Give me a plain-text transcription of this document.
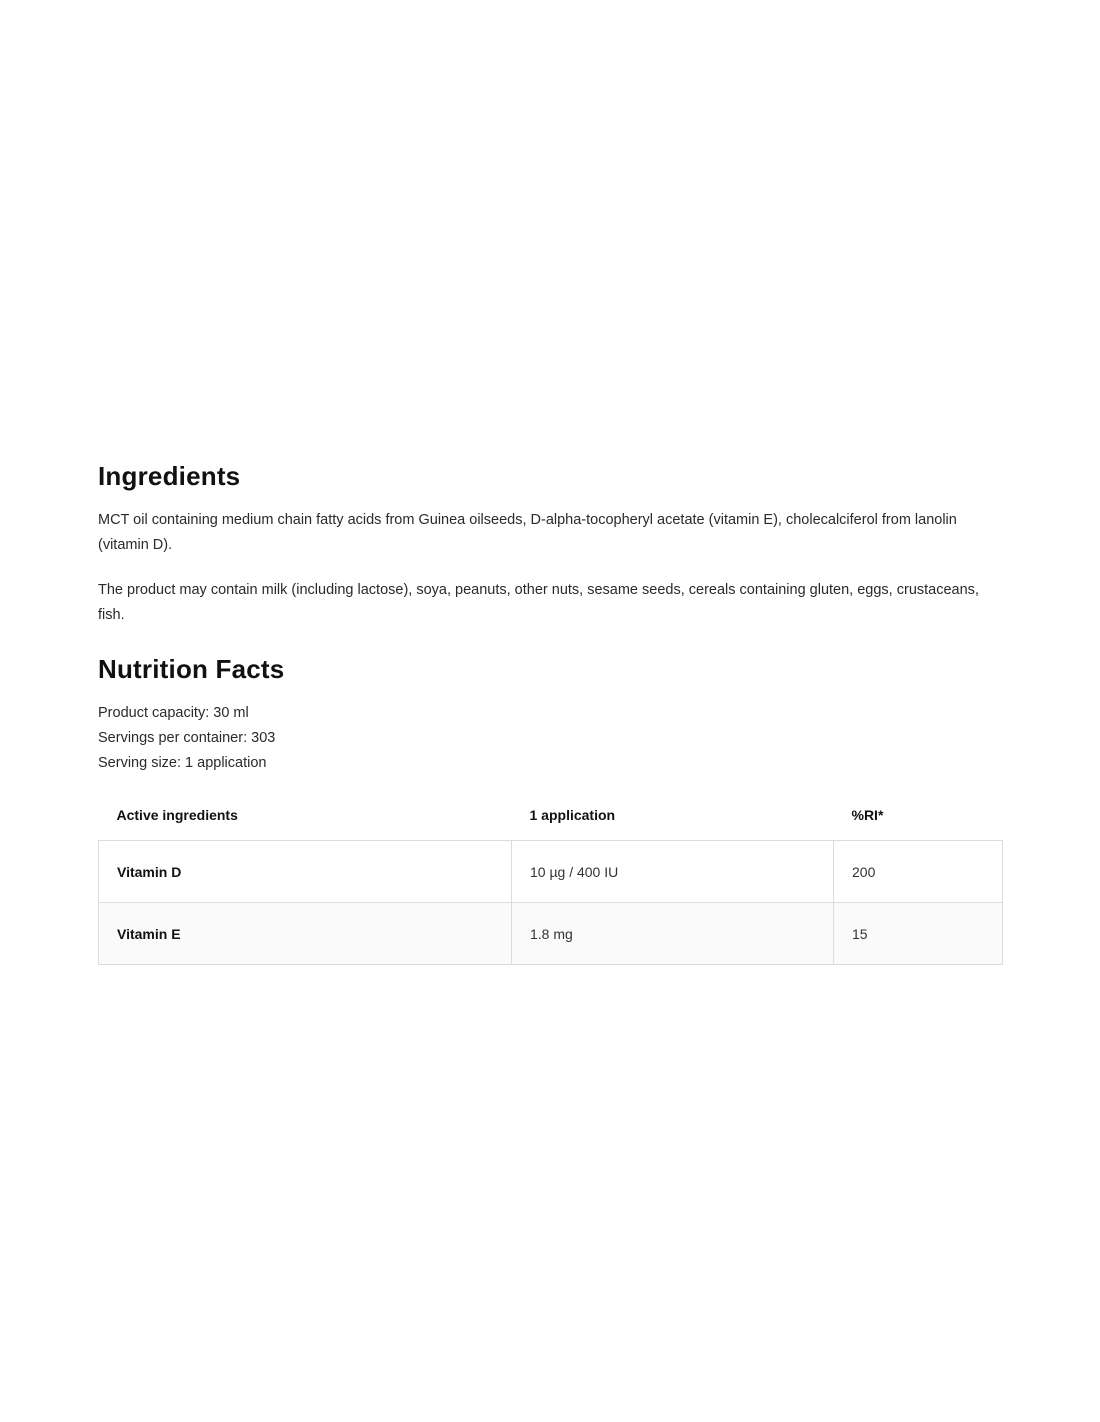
Ingredients

MCT oil containing medium chain fatty acids from Guinea oilseeds, D-alpha-tocopheryl acetate (vitamin E), cholecalciferol from lanolin (vitamin D).

The product may contain milk (including lactose), soya, peanuts, other nuts, sesame seeds, cereals containing gluten, eggs, crustaceans, fish.

Nutrition Facts
Product capacity: 30 ml
Servings per container: 303
Serving size: 1 application
Active ingredients	1 application	%RI*
Vitamin D	10 µg / 400 IU	200
Vitamin E	1.8 mg	15
